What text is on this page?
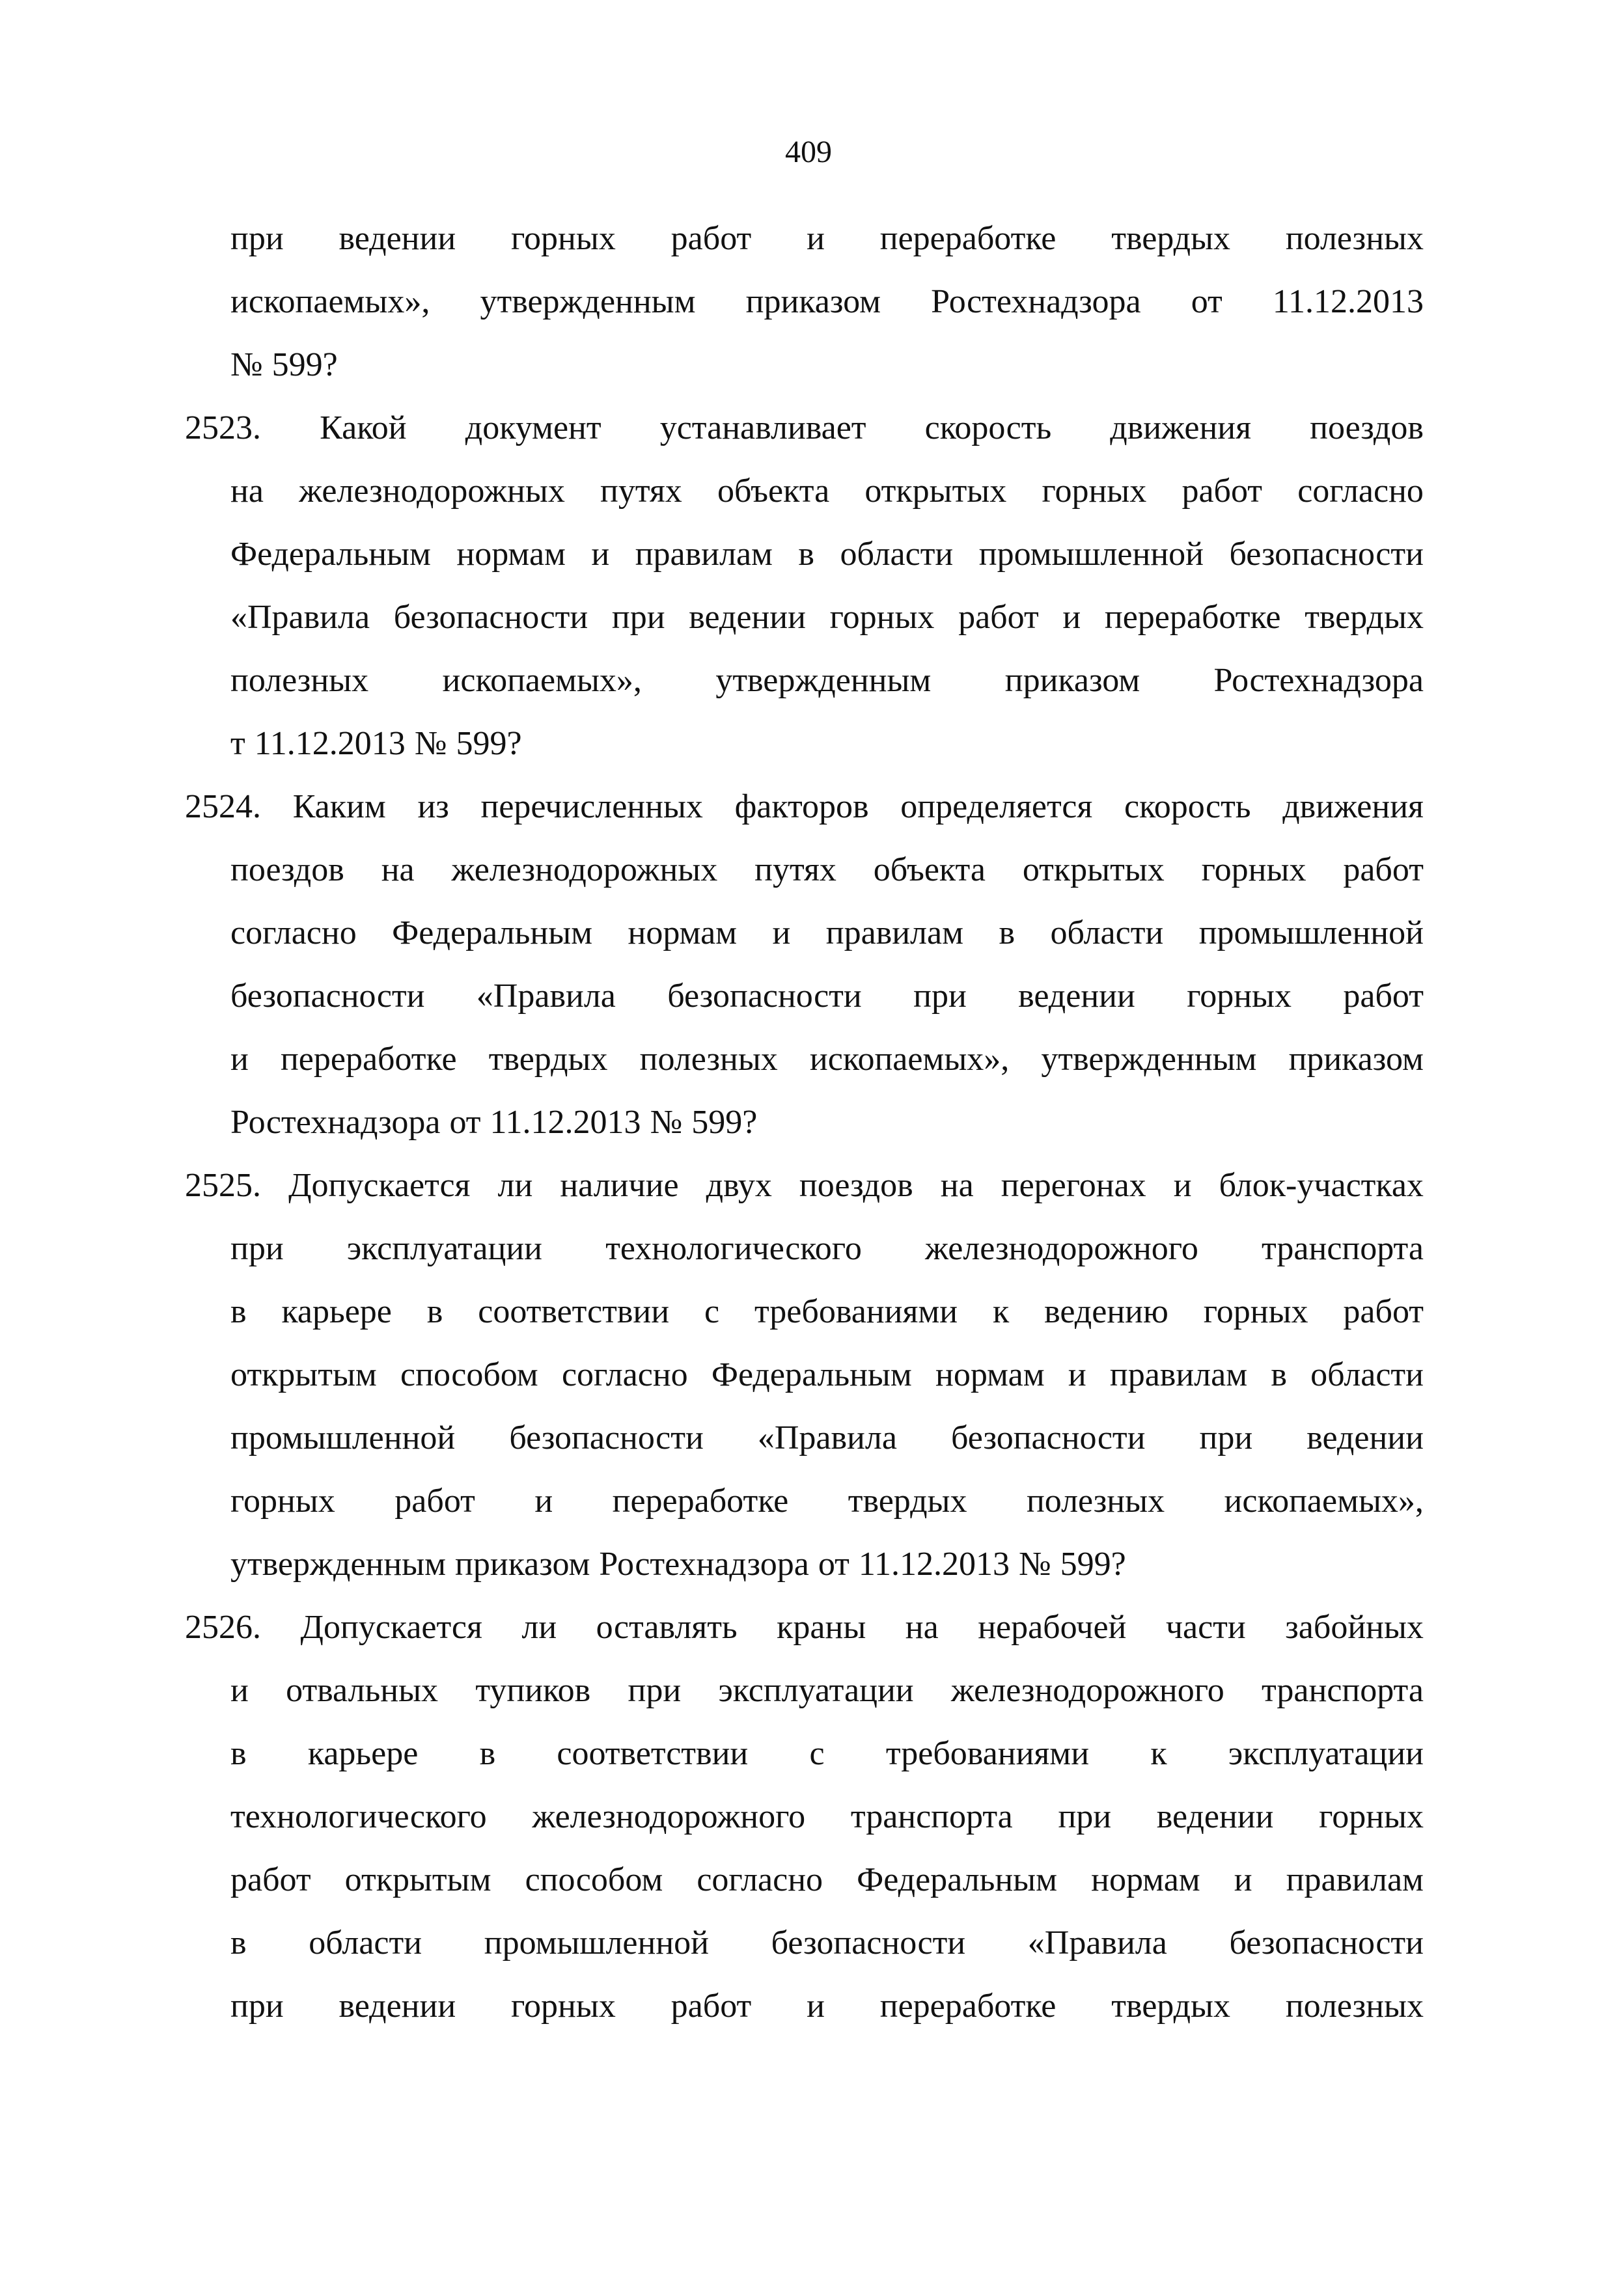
409
при ведении горных работ и переработке твердых полезных
ископаемых», утвержденным приказом Ростехнадзора от 11.12.2013
№ 599?
2523. Какой документ устанавливает скорость движения поездов
на железнодорожных путях объекта открытых горных работ согласно
Федеральным нормам и правилам в области промышленной безопасности
«Правила безопасности при ведении горных работ и переработке твердых
полезных ископаемых», утвержденным приказом Ростехнадзора
т 11.12.2013 № 599?
2524. Каким из перечисленных факторов определяется скорость движения
поездов на железнодорожных путях объекта открытых горных работ
согласно Федеральным нормам и правилам в области промышленной
безопасности «Правила безопасности при ведении горных работ
и переработке твердых полезных ископаемых», утвержденным приказом
Ростехнадзора от 11.12.2013 № 599?
2525. Допускается ли наличие двух поездов на перегонах и блок-участках
при эксплуатации технологического железнодорожного транспорта
в карьере в соответствии с требованиями к ведению горных работ
открытым способом согласно Федеральным нормам и правилам в области
промышленной безопасности «Правила безопасности при ведении
горных работ и переработке твердых полезных ископаемых»,
утвержденным приказом Ростехнадзора от 11.12.2013 № 599?
2526. Допускается ли оставлять краны на нерабочей части забойных
и отвальных тупиков при эксплуатации железнодорожного транспорта
в карьере в соответствии с требованиями к эксплуатации
технологического железнодорожного транспорта при ведении горных
работ открытым способом согласно Федеральным нормам и правилам
в области промышленной безопасности «Правила безопасности
при ведении горных работ и переработке твердых полезных
